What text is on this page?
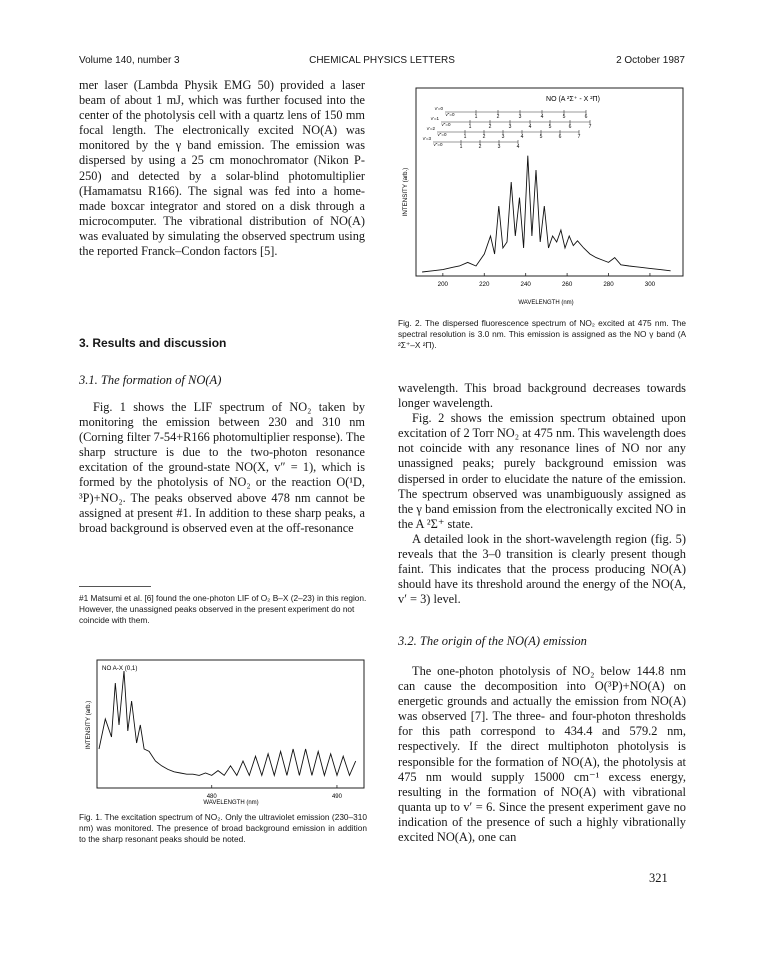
Volume 140, number 3	CHEMICAL PHYSICS LETTERS	2 October 1987

mer laser (Lambda Physik EMG 50) provided a laser beam of about 1 mJ, which was further focused into the center of the photolysis cell with a quartz lens of 150 mm focal length. The electronically excited NO(A) was monitored by the γ band emission. The emission was dispersed by using a 25 cm monochromator (Nikon P-250) and detected by a solar-blind photomultiplier (Hamamatsu R166). The signal was fed into a home-made boxcar integrator and stored on a disk through a microcomputer. The vibrational distribution of NO(A) was evaluated by simulating the observed spectrum using the reported Franck–Condon factors [5].

3. Results and discussion
3.1. The formation of NO(A)

Fig. 1 shows the LIF spectrum of NO₂ taken by monitoring the emission between 230 and 310 nm (Corning filter 7-54+R166 photomultiplier response). The sharp structure is due to the two-photon resonance excitation of the ground-state NO(X, v″ = 1), which is formed by the photolysis of NO₂ or the reaction O(¹D, ³P)+NO₂. The peaks observed above 478 nm cannot be assigned at present #1. In addition to these sharp peaks, a broad background is observed even at the off-resonance

#1 Matsumi et al. [6] found the one-photon LIF of O₂ B–X (2–23) in this region. However, the unassigned peaks observed in the present experiment do not coincide with them.
NO A-X (0,1)
INTENSITY (arb.)
480	490
WAVELENGTH (nm)
Fig. 1. The excitation spectrum of NO₂. Only the ultraviolet emission (230–310 nm) was monitored. The presence of broad background emission in addition to the sharp resonant peaks should be noted.
NO (A ²Σ⁺ - X ²Π)
v'=0
v''=0	1	2	3	4	5	6
v'=1
v''=0	1	2	3	4	5	6	7
v'=2
v''=0	1	2	3	4	5	6	7
v'=3
v''=0	1	2	3	4
INTENSITY (arb.)
200	220	240	260	280	300
WAVELENGTH (nm)
Fig. 2. The dispersed fluorescence spectrum of NO₂ excited at 475 nm. The spectral resolution is 3.0 nm. This emission is assigned as the NO γ band (A ²Σ⁺–X ²Π).

wavelength. This broad background decreases towards longer wavelength.

Fig. 2 shows the emission spectrum obtained upon excitation of 2 Torr NO₂ at 475 nm. This wavelength does not coincide with any resonance lines of NO nor any unassigned peaks; purely background emission was dispersed in order to elucidate the nature of the emission. The spectrum observed was unambiguously assigned as the γ band emission from the electronically excited NO in the A ²Σ⁺ state.

A detailed look in the short-wavelength region (fig. 5) reveals that the 3–0 transition is clearly present though faint. This indicates that the process producing NO(A) should have its threshold around the energy of the NO(A, v′ = 3) level.

3.2. The origin of the NO(A) emission

The one-photon photolysis of NO₂ below 144.8 nm can cause the decomposition into O(³P)+NO(A) on energetic grounds and actually the emission from NO(A) was observed [7]. The three- and four-photon thresholds for this path correspond to 434.4 and 579.2 nm, respectively. If the direct multiphoton photolysis is responsible for the formation of NO(A), the photolysis at 475 nm would supply 15000 cm⁻¹ excess energy, resulting in the formation of NO(A) with vibrational quanta up to v′ = 6. Since the present experiment gave no indication of the presence of such a highly vibrationally excited NO(A), one can

321
